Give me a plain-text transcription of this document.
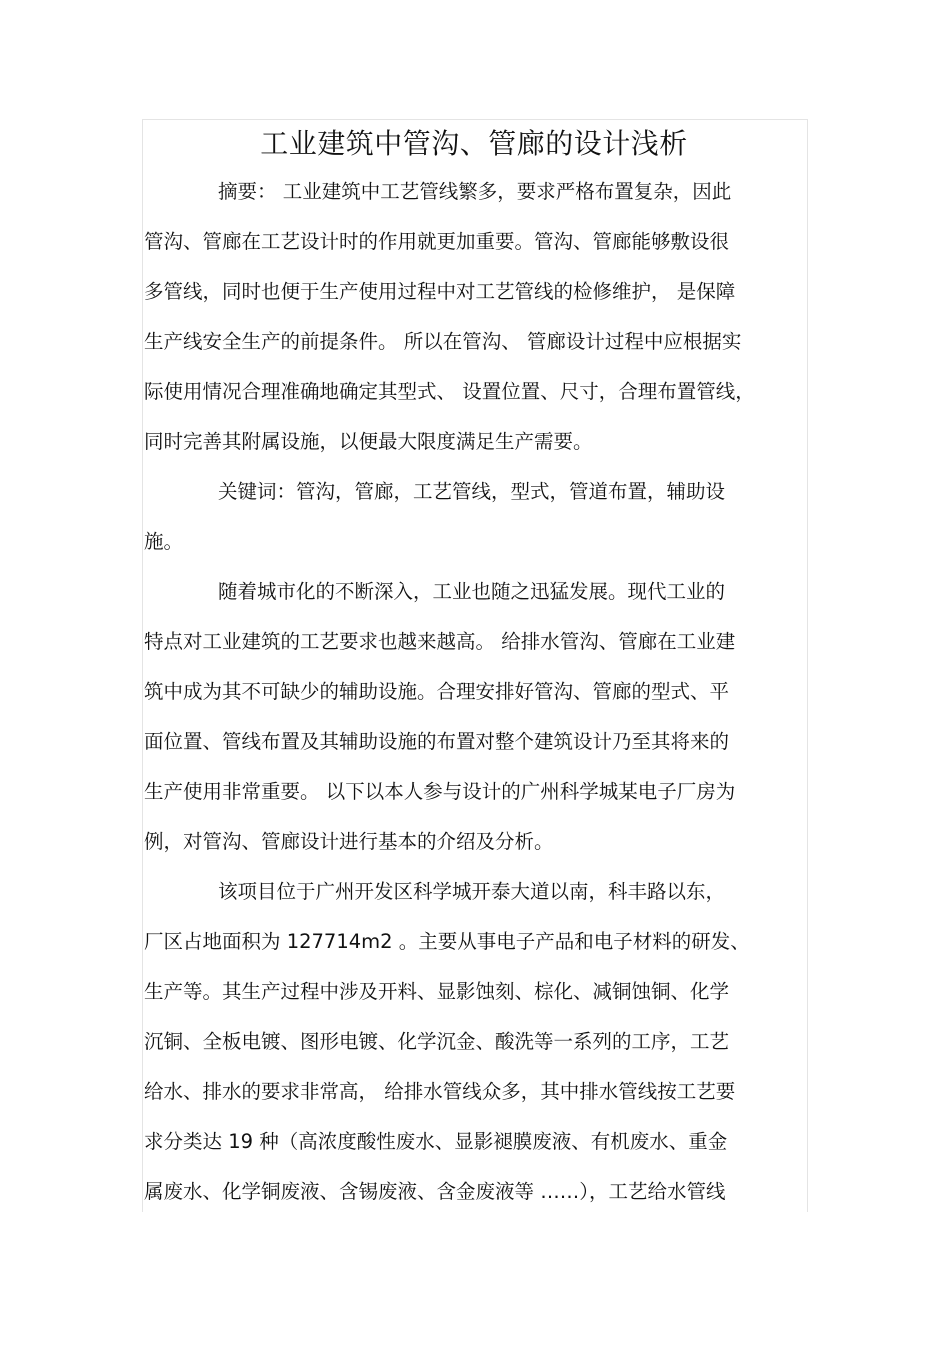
工业建筑中管沟、管廊的设计浅析

摘要： 工业建筑中工艺管线繁多，要求严格布置复杂，因此

管沟、管廊在工艺设计时的作用就更加重要。管沟、管廊能够敷设很

多管线，同时也便于生产使用过程中对工艺管线的检修维护， 是保障

生产线安全生产的前提条件。 所以在管沟、 管廊设计过程中应根据实

际使用情况合理准确地确定其型式、 设置位置、尺寸，合理布置管线，

同时完善其附属设施，以便最大限度满足生产需要。

关键词：管沟，管廊，工艺管线，型式，管道布置，辅助设

施。

随着城市化的不断深入，工业也随之迅猛发展。现代工业的

特点对工业建筑的工艺要求也越来越高。 给排水管沟、管廊在工业建

筑中成为其不可缺少的辅助设施。合理安排好管沟、管廊的型式、平

面位置、管线布置及其辅助设施的布置对整个建筑设计乃至其将来的

生产使用非常重要。 以下以本人参与设计的广州科学城某电子厂房为

例，对管沟、管廊设计进行基本的介绍及分析。

该项目位于广州开发区科学城开泰大道以南，科丰路以东，

厂区占地面积为 127714m2 。主要从事电子产品和电子材料的研发、

生产等。其生产过程中涉及开料、显影蚀刻、棕化、减铜蚀铜、化学

沉铜、全板电镀、图形电镀、化学沉金、酸洗等一系列的工序，工艺

给水、排水的要求非常高， 给排水管线众多，其中排水管线按工艺要

求分类达 19 种（高浓度酸性废水、显影褪膜废液、有机废水、重金

属废水、化学铜废液、含锡废液、含金废液等 ……），工艺给水管线
